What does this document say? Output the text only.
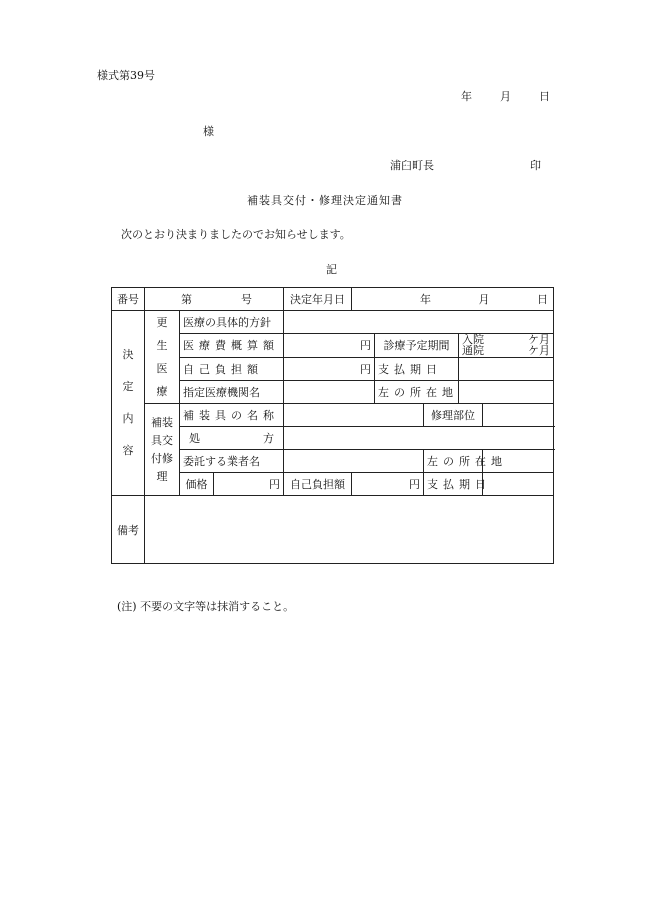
様式第39号
年	月	日
様
浦臼町長	印
補装具交付・修理決定通知書
次のとおり決まりましたのでお知らせします。
記
番号	第 号			決定年月日	年 月 日				

決定内容	更生医療	医療の具体的方針							
		医療費概算額		円		診療予定期間		入院 ケ月
通院 ケ月	

		自己負担額		円		支払期日			
		指定医療機関名				左の所在地			

	補装具交付修理	補装具の名称					修理部位		

		処 方							

		委託する業者名					左の所在地		
		価格	円	自己負担額	円		支払期日		
備考									
(注) 不要の文字等は抹消すること。
